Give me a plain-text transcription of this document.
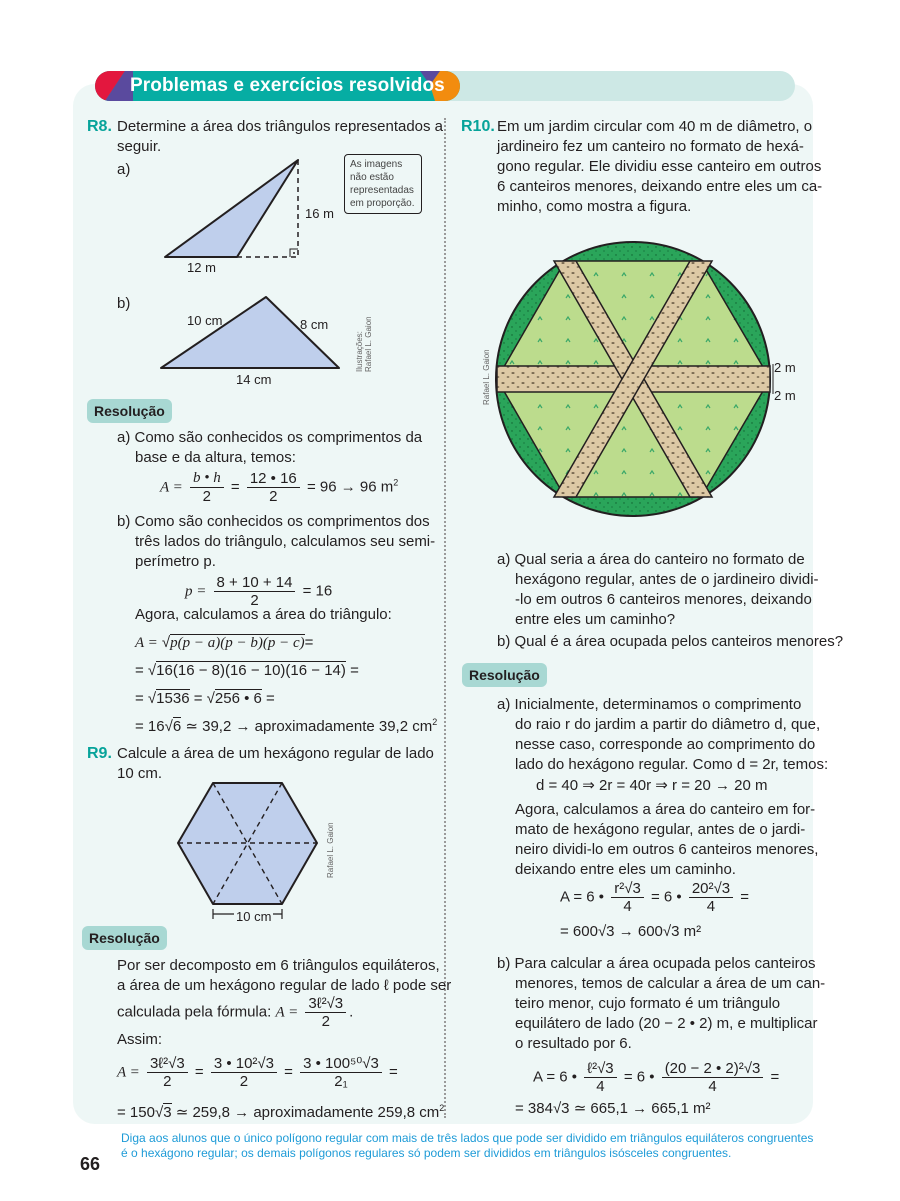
Problemas e exercícios resolvidos
R8. Determine a área dos triângulos representados a
seguir.
a)
12 m
16 m
As imagens
não estão
representadas
em proporção.
b)
10 cm	8 cm
14 cm
Ilustrações: Rafael L. Gaion
Resolução
a) Como são conhecidos os comprimentos da
base e da altura, temos:
$A = \frac{b • h}{2} = \frac{12 • 16}{2} = 96 \to 96$ $m^2$
b) Como são conhecidos os comprimentos dos
três lados do triângulo, calculamos seu semi-
perímetro p.
$p = \frac{8 + 10 + 14}{2} = 16$
Agora, calculamos a área do triângulo:
A = √p(p − a)(p − b)(p − c)=
= √16(16 − 8)(16 − 10)(16 − 14) =
= √1536 = √256 • 6 =
= 16√6 ≃ 39,2 → aproximadamente 39,2 $cm^2$
R9. Calcule a área de um hexágono regular de lado
10 cm.
10 cm
Rafael L. Gaion
Resolução
Por ser decomposto em 6 triângulos equiláteros,
a área de um hexágono regular de lado ℓ pode ser
calculada pela fórmula: $A = \frac{\text{3ℓ²√3}}{2}$ .
Assim:
$A = \frac{\text{3ℓ²√3}}{2} = \frac{\text{3 • 10²√3}}{2} = \frac{\text{3 • 100⁵⁰√3}}{\text{2₁}}$ =
= 150√3 ≃ 259,8 → aproximadamente 259,8 $cm^2$
R10. Em um jardim circular com 40 m de diâmetro, o
jardineiro fez um canteiro no formato de hexá-
gono regular. Ele dividiu esse canteiro em outros
6 canteiros menores, deixando entre eles um ca-
minho, como mostra a figura.
2 m
2 m
Rafael L. Gaion
a) Qual seria a área do canteiro no formato de
hexágono regular, antes de o jardineiro dividi-
-lo em outros 6 canteiros menores, deixando
entre eles um caminho?
b) Qual é a área ocupada pelos canteiros menores?
Resolução
a) Inicialmente, determinamos o comprimento
do raio r do jardim a partir do diâmetro d, que,
nesse caso, corresponde ao comprimento do
lado do hexágono regular. Como d = 2r, temos:
d = 40 ⇒ 2r = 40r ⇒ r = 20 → 20 m
Agora, calculamos a área do canteiro em for-
mato de hexágono regular, antes de o jardi-
neiro dividi-lo em outros 6 canteiros menores,
deixando entre eles um caminho.
A = 6 • $\frac{\text{r²√3}}{4} = 6$ • $\frac{\text{20²√3}}{4}$ =
= 600√3 → 600√3 m²
b) Para calcular a área ocupada pelos canteiros
menores, temos de calcular a área de um can-
teiro menor, cujo formato é um triângulo
equilátero de lado (20 − 2 • 2) m, e multiplicar
o resultado por 6.
A = 6 • $\frac{\text{ℓ²√3}}{4} = 6$ • $\frac{\text{(20 − 2 • 2)²√3}}{4}$ =
= 384√3 ≃ 665,1 → 665,1 m²
Diga aos alunos que o único polígono regular com mais de três lados que pode ser dividido em triângulos equiláteros congruentes é o hexágono regular; os demais polígonos regulares só podem ser divididos em triângulos isósceles congruentes.
66
